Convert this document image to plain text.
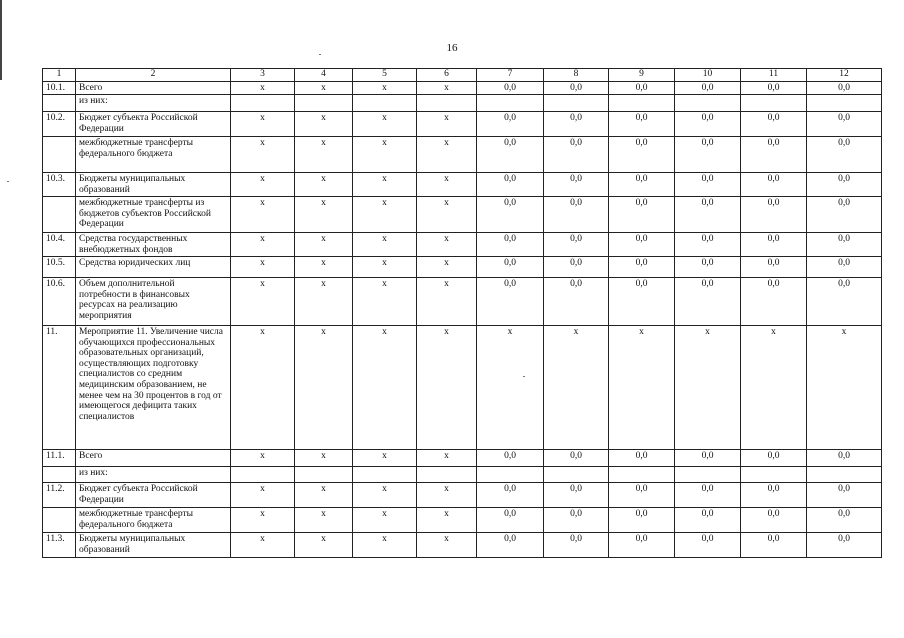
16
1	2	3	4	5	6	7	8	9	10	11	12
10.1.	Всего	x	x	x	x	0,0	0,0	0,0	0,0	0,0	0,0
	из них:										
10.2.	Бюджет субъекта Российской Федерации	x	x	x	x	0,0	0,0	0,0	0,0	0,0	0,0
	межбюджетные трансферты федерального бюджета	x	x	x	x	0,0	0,0	0,0	0,0	0,0	0,0
10.3.	Бюджеты муниципальных образований	x	x	x	x	0,0	0,0	0,0	0,0	0,0	0,0
	межбюджетные трансферты из бюджетов субъектов Российской Федерации	x	x	x	x	0,0	0,0	0,0	0,0	0,0	0,0
10.4.	Средства государственных внебюджетных фондов	x	x	x	x	0,0	0,0	0,0	0,0	0,0	0,0
10.5.	Средства юридических лиц	x	x	x	x	0,0	0,0	0,0	0,0	0,0	0,0
10.6.	Объем дополнительной потребности в финансовых ресурсах на реализацию мероприятия	x	x	x	x	0,0	0,0	0,0	0,0	0,0	0,0
11.	Мероприятие 11. Увеличение числа обучающихся профессиональных образовательных организаций, осуществляющих подготовку специалистов со средним медицинским образованием, не менее чем на 30 процентов в год от имеющегося дефицита таких специалистов	x	x	x	x	x	x	x	x	x	x
11.1.	Всего	x	x	x	x	0,0	0,0	0,0	0,0	0,0	0,0
	из них:										
11.2.	Бюджет субъекта Российской Федерации	x	x	x	x	0,0	0,0	0,0	0,0	0,0	0,0
	межбюджетные трансферты федерального бюджета	x	x	x	x	0,0	0,0	0,0	0,0	0,0	0,0
11.3.	Бюджеты муниципальных образований	x	x	x	x	0,0	0,0	0,0	0,0	0,0	0,0
